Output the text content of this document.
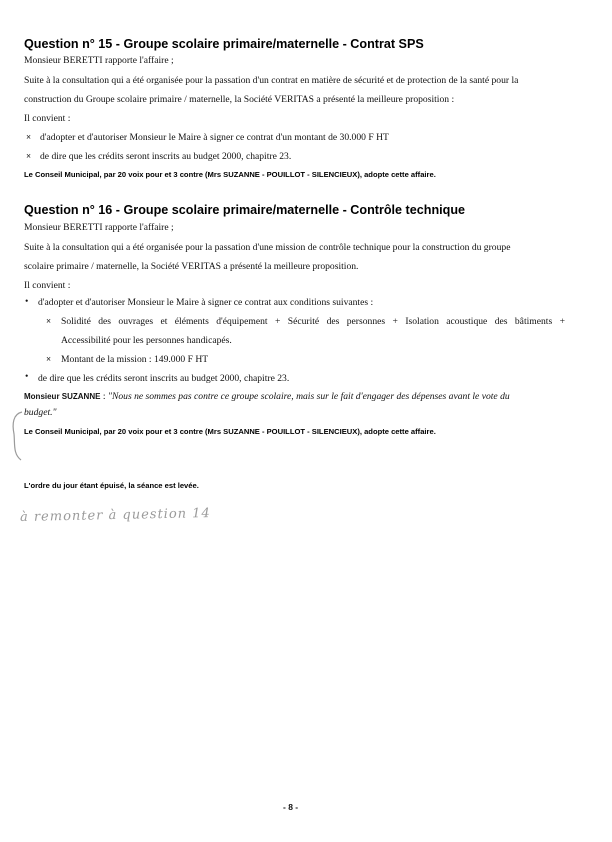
Question n° 15 - Groupe scolaire primaire/maternelle - Contrat SPS
Monsieur BERETTI rapporte l'affaire ;
Suite à la consultation qui a été organisée pour la passation d'un contrat en matière de sécurité et de protection de la santé pour la
construction du Groupe scolaire primaire / maternelle, la Société VERITAS a présenté la meilleure proposition :
Il convient :
× d'adopter et d'autoriser Monsieur le Maire à signer ce contrat d'un montant de 30.000 F HT
× de dire que les crédits seront inscrits au budget 2000, chapitre 23.
Le Conseil Municipal, par 20 voix pour et 3 contre (Mrs SUZANNE - POUILLOT - SILENCIEUX), adopte cette affaire.
Question n° 16 - Groupe scolaire primaire/maternelle - Contrôle technique
Monsieur BERETTI rapporte l'affaire ;
Suite à la consultation qui a été organisée pour la passation d'une mission de contrôle technique pour la construction du groupe
scolaire primaire / maternelle, la Société VERITAS a présenté la meilleure proposition.
Il convient :
• d'adopter et d'autoriser Monsieur le Maire à signer ce contrat aux conditions suivantes :
× Solidité des ouvrages et éléments d'équipement + Sécurité des personnes + Isolation acoustique des bâtiments +
Accessibilité pour les personnes handicapés.
× Montant de la mission : 149.000 F HT
• de dire que les crédits seront inscrits au budget 2000, chapitre 23.
Monsieur SUZANNE : "Nous ne sommes pas contre ce groupe scolaire, mais sur le fait d'engager des dépenses avant le vote du
budget."
Le Conseil Municipal, par 20 voix pour et 3 contre (Mrs SUZANNE - POUILLOT - SILENCIEUX), adopte cette affaire.
L'ordre du jour étant épuisé, la séance est levée.
à remonter à question 14
- 8 -
